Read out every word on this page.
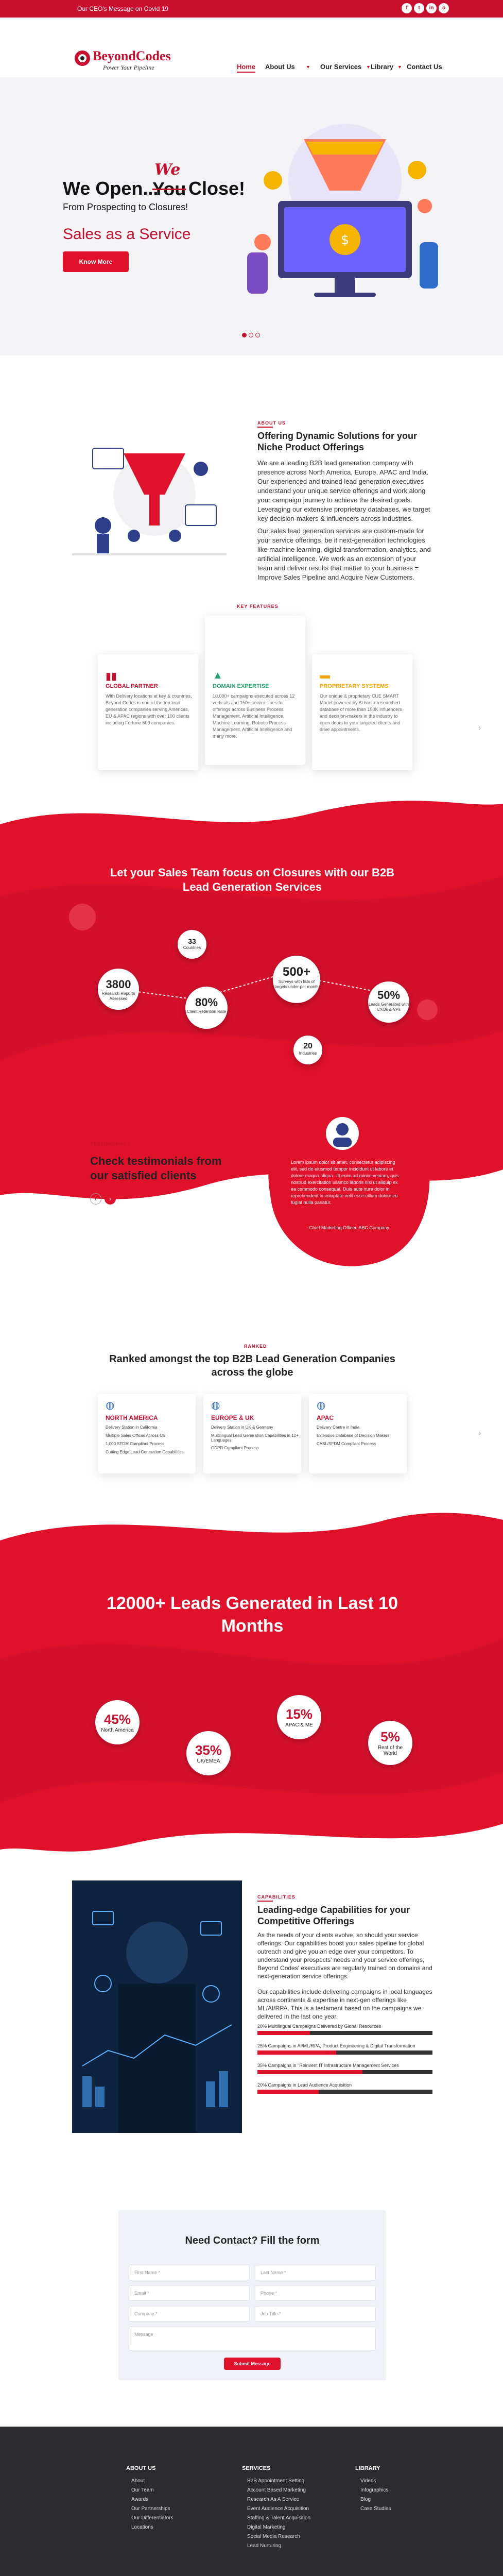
Our CEO's Message on Covid 19	f	t	in	o
BeyondCodes
Power Your Pipeline	Home About Us ▼ Our Services ▼ Library ▼ Contact Us
We Open...
We
You Close!
From Prospecting to Closures!
Sales as a Service
Know More
$
ABOUT US
Offering Dynamic Solutions for your Niche Product Offerings
We are a leading B2B lead generation company with presence across North America, Europe, APAC and India. Our experienced and trained lead generation executives understand your unique service offerings and work along your campaign journey to achieve the desired goals. Leveraging our extensive proprietary databases, we target key decision-makers & influencers across industries.
Our sales lead generation services are custom-made for your service offerings, be it next-generation technologies like machine learning, digital transformation, analytics, and artificial intelligence. We work as an extension of your team and deliver results that matter to your business = Improve Sales Pipeline and Acquire New Customers.
KEY FEATURES
▮▮
GLOBAL PARTNER
With Delivery locations at key & countries, Beyond Codes is one of the top lead generation companies serving Americas, EU & APAC regions with over 100 clients including Fortune 500 companies.
▲
DOMAIN EXPERTISE
10,000+ campaigns executed across 12 verticals and 150+ service lines for offerings across Business Process Management, Artificial Intelligence, Machine Learning, Robotic Process Management, Artificial Intelligence and many more.
▬
PROPRIETARY SYSTEMS
Our unique & proprietary CUE SMART Model powered by Al has a researched database of more than 150K influencers and decision-makers in the industry to open doors to your targeted clients and drive appointments.	›
Let your Sales Team focus on Closures with our B2B Lead Generation Services
33
Countries
3800
Research Reports Assessed	80%
Client Retention Rate
500+
Surveys with lists of targets under per month
50%
Leads Generated with CXOs & VPs
20
Industries
TESTIMONIALS
Check testimonials from our satisfied clients
‹	›
Lorem ipsum dolor sit amet, consectetur adipiscing elit, sed do eiusmod tempor incididunt ut labore et dolore magna aliqua. Ut enim ad minim veniam, quis nostrud exercitation ullamco laboris nisi ut aliquip ex ea commodo consequat. Duis aute irure dolor in reprehenderit in voluptate velit esse cillum dolore eu fugiat nulla pariatur.
- Chief Marketing Officer, ABC Company
RANKED
Ranked amongst the top B2B Lead Generation Companies across the globe
◍
NORTH AMERICA
Delivery Station in California
Multiple Sales Offices Across US
1,000 SFDM Compliant Process
Cutting Edge Lead Generation Capabilities
◍
EUROPE & UK
Delivery Station in UK & Germany
Multilingual Lead Generation Capabilities in 12+ Languages
GDPR Compliant Process
◍
APAC
Delivery Centre in India
Extensive Database of Decision Makers
CASL/SFDM Compliant Process
›
12000+ Leads Generated in Last 10 Months
45%
North America
35%
UK/EMEA
15%
APAC & ME
5%
Rest of the World
CAPABILITIES
Leading-edge Capabilities for your Competitive Offerings
As the needs of your clients evolve, so should your service offerings. Our capabilities boost your sales pipeline for global outreach and give you an edge over your competitors. To understand your prospects' needs and your service offerings, Beyond Codes' executives are regularly trained on domains and next-generation service offerings.
Our capabilities include delivering campaigns in local languages across continents & expertise in next-gen offerings like ML/AI/RPA. This is a testament based on the campaigns we delivered in the last one year.
20% Multilingual Campaigns Delivered by Global Resources
25% Campaigns in AI/ML/RPA, Product Engineering & Digital Transformation
35% Campaigns in "Reinvent IT Infrastructure Management Services
20% Campaigns in Lead Audience Acquisition
Need Contact? Fill the form
First Name *	Last Name *
Email *	Phone *
Company *	Job Title *
Message
Submit Message
ABOUT US
About
Our Team
Awards
Our Partnerships
Our Differentiators
Locations
SERVICES
B2B Appointment Setting
Account Based Marketing
Research As A Service
Event Audience Acquisition
Staffing & Talent Acquisition
Digital Marketing
Social Media Research
Lead Nurturing
LIBRARY
Videos
Infographics
Blog
Case Studies
